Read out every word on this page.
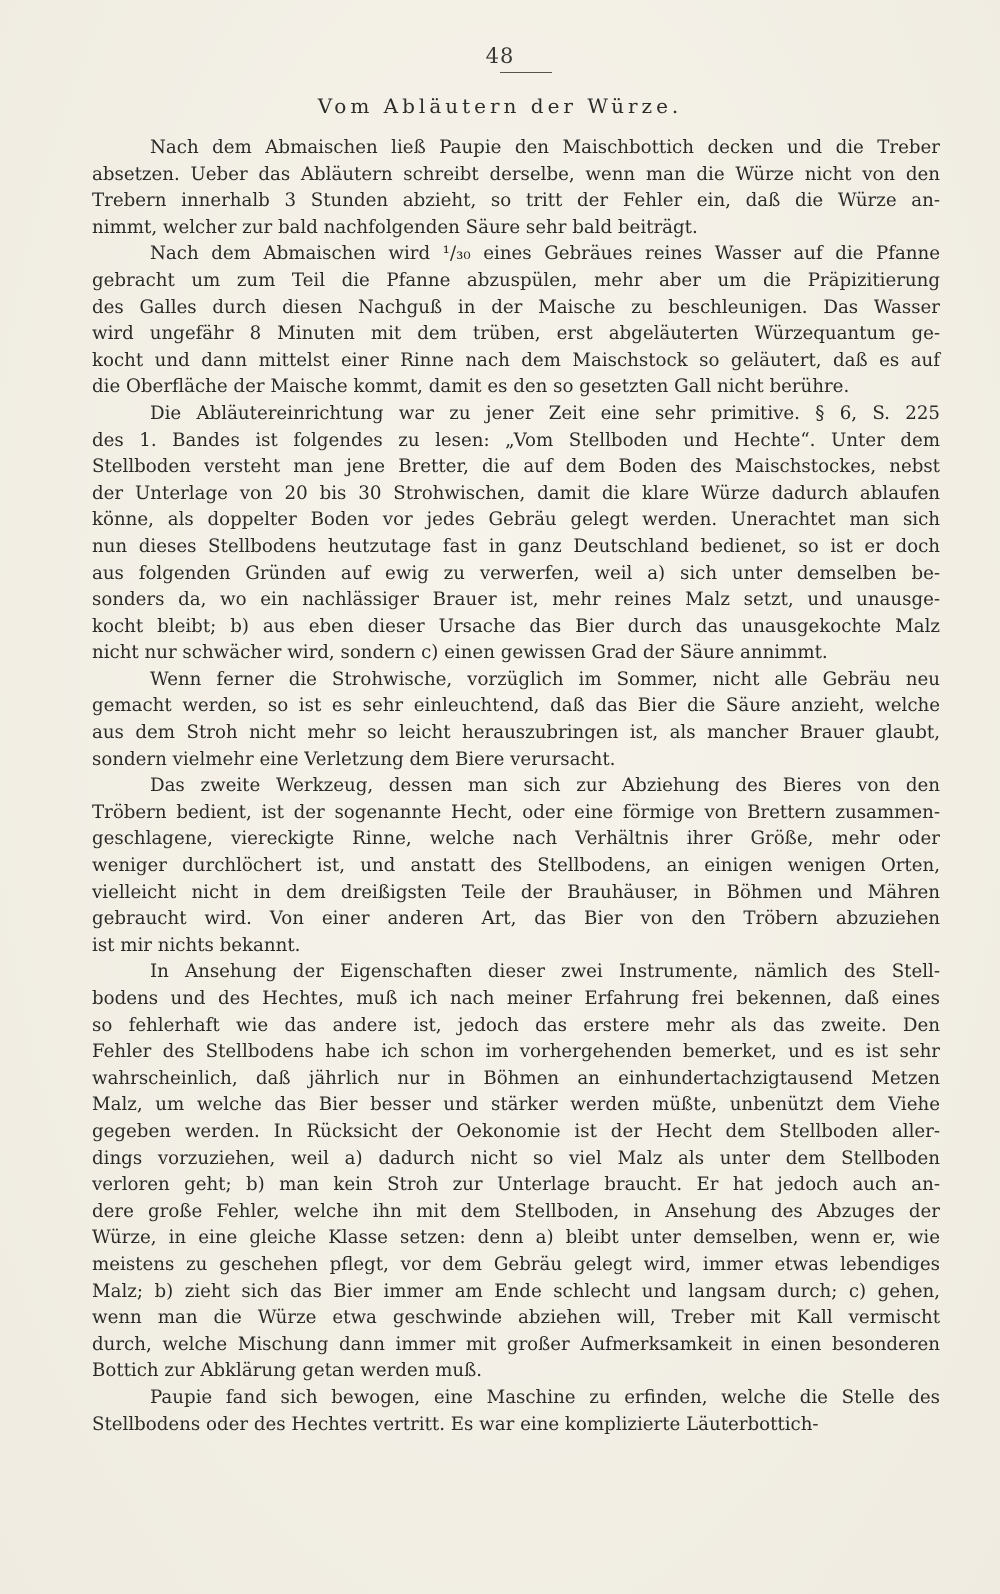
48
Vom Abläutern der Würze.
Nach dem Abmaischen ließ Paupie den Maischbottich decken und die Treber
absetzen. Ueber das Abläutern schreibt derselbe, wenn man die Würze nicht von den
Trebern innerhalb 3 Stunden abzieht, so tritt der Fehler ein, daß die Würze an-
nimmt, welcher zur bald nachfolgenden Säure sehr bald beiträgt.
Nach dem Abmaischen wird ¹/₃₀ eines Gebräues reines Wasser auf die Pfanne
gebracht um zum Teil die Pfanne abzuspülen, mehr aber um die Präpizitierung
des Galles durch diesen Nachguß in der Maische zu beschleunigen. Das Wasser
wird ungefähr 8 Minuten mit dem trüben, erst abgeläuterten Würzequantum ge-
kocht und dann mittelst einer Rinne nach dem Maischstock so geläutert, daß es auf
die Oberfläche der Maische kommt, damit es den so gesetzten Gall nicht berühre.
Die Abläutereinrichtung war zu jener Zeit eine sehr primitive. § 6, S. 225
des 1. Bandes ist folgendes zu lesen: „Vom Stellboden und Hechte“. Unter dem
Stellboden versteht man jene Bretter, die auf dem Boden des Maischstockes, nebst
der Unterlage von 20 bis 30 Strohwischen, damit die klare Würze dadurch ablaufen
könne, als doppelter Boden vor jedes Gebräu gelegt werden. Unerachtet man sich
nun dieses Stellbodens heutzutage fast in ganz Deutschland bedienet, so ist er doch
aus folgenden Gründen auf ewig zu verwerfen, weil a) sich unter demselben be-
sonders da, wo ein nachlässiger Brauer ist, mehr reines Malz setzt, und unausge-
kocht bleibt; b) aus eben dieser Ursache das Bier durch das unausgekochte Malz
nicht nur schwächer wird, sondern c) einen gewissen Grad der Säure annimmt.
Wenn ferner die Strohwische, vorzüglich im Sommer, nicht alle Gebräu neu
gemacht werden, so ist es sehr einleuchtend, daß das Bier die Säure anzieht, welche
aus dem Stroh nicht mehr so leicht herauszubringen ist, als mancher Brauer glaubt,
sondern vielmehr eine Verletzung dem Biere verursacht.
Das zweite Werkzeug, dessen man sich zur Abziehung des Bieres von den
Tröbern bedient, ist der sogenannte Hecht, oder eine förmige von Brettern zusammen-
geschlagene, viereckigte Rinne, welche nach Verhältnis ihrer Größe, mehr oder
weniger durchlöchert ist, und anstatt des Stellbodens, an einigen wenigen Orten,
vielleicht nicht in dem dreißigsten Teile der Brauhäuser, in Böhmen und Mähren
gebraucht wird. Von einer anderen Art, das Bier von den Tröbern abzuziehen
ist mir nichts bekannt.
In Ansehung der Eigenschaften dieser zwei Instrumente, nämlich des Stell-
bodens und des Hechtes, muß ich nach meiner Erfahrung frei bekennen, daß eines
so fehlerhaft wie das andere ist, jedoch das erstere mehr als das zweite. Den
Fehler des Stellbodens habe ich schon im vorhergehenden bemerket, und es ist sehr
wahrscheinlich, daß jährlich nur in Böhmen an einhundertachzigtausend Metzen
Malz, um welche das Bier besser und stärker werden müßte, unbenützt dem Viehe
gegeben werden. In Rücksicht der Oekonomie ist der Hecht dem Stellboden aller-
dings vorzuziehen, weil a) dadurch nicht so viel Malz als unter dem Stellboden
verloren geht; b) man kein Stroh zur Unterlage braucht. Er hat jedoch auch an-
dere große Fehler, welche ihn mit dem Stellboden, in Ansehung des Abzuges der
Würze, in eine gleiche Klasse setzen: denn a) bleibt unter demselben, wenn er, wie
meistens zu geschehen pflegt, vor dem Gebräu gelegt wird, immer etwas lebendiges
Malz; b) zieht sich das Bier immer am Ende schlecht und langsam durch; c) gehen,
wenn man die Würze etwa geschwinde abziehen will, Treber mit Kall vermischt
durch, welche Mischung dann immer mit großer Aufmerksamkeit in einen besonderen
Bottich zur Abklärung getan werden muß.
Paupie fand sich bewogen, eine Maschine zu erfinden, welche die Stelle des
Stellbodens oder des Hechtes vertritt. Es war eine komplizierte Läuterbottich-
